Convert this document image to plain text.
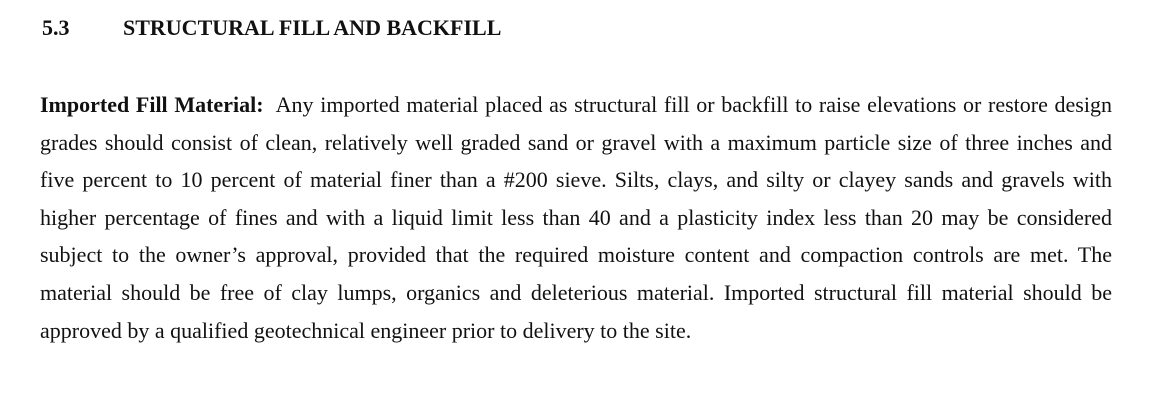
5.3 STRUCTURAL FILL AND BACKFILL
Imported Fill Material: Any imported material placed as structural fill or backfill to raise elevations or restore design grades should consist of clean, relatively well graded sand or gravel with a maximum particle size of three inches and five percent to 10 percent of material finer than a #200 sieve. Silts, clays, and silty or clayey sands and gravels with higher percentage of fines and with a liquid limit less than 40 and a plasticity index less than 20 may be considered subject to the owner’s approval, provided that the required moisture content and compaction controls are met. The material should be free of clay lumps, organics and deleterious material. Imported structural fill material should be approved by a qualified geotechnical engineer prior to delivery to the site.
